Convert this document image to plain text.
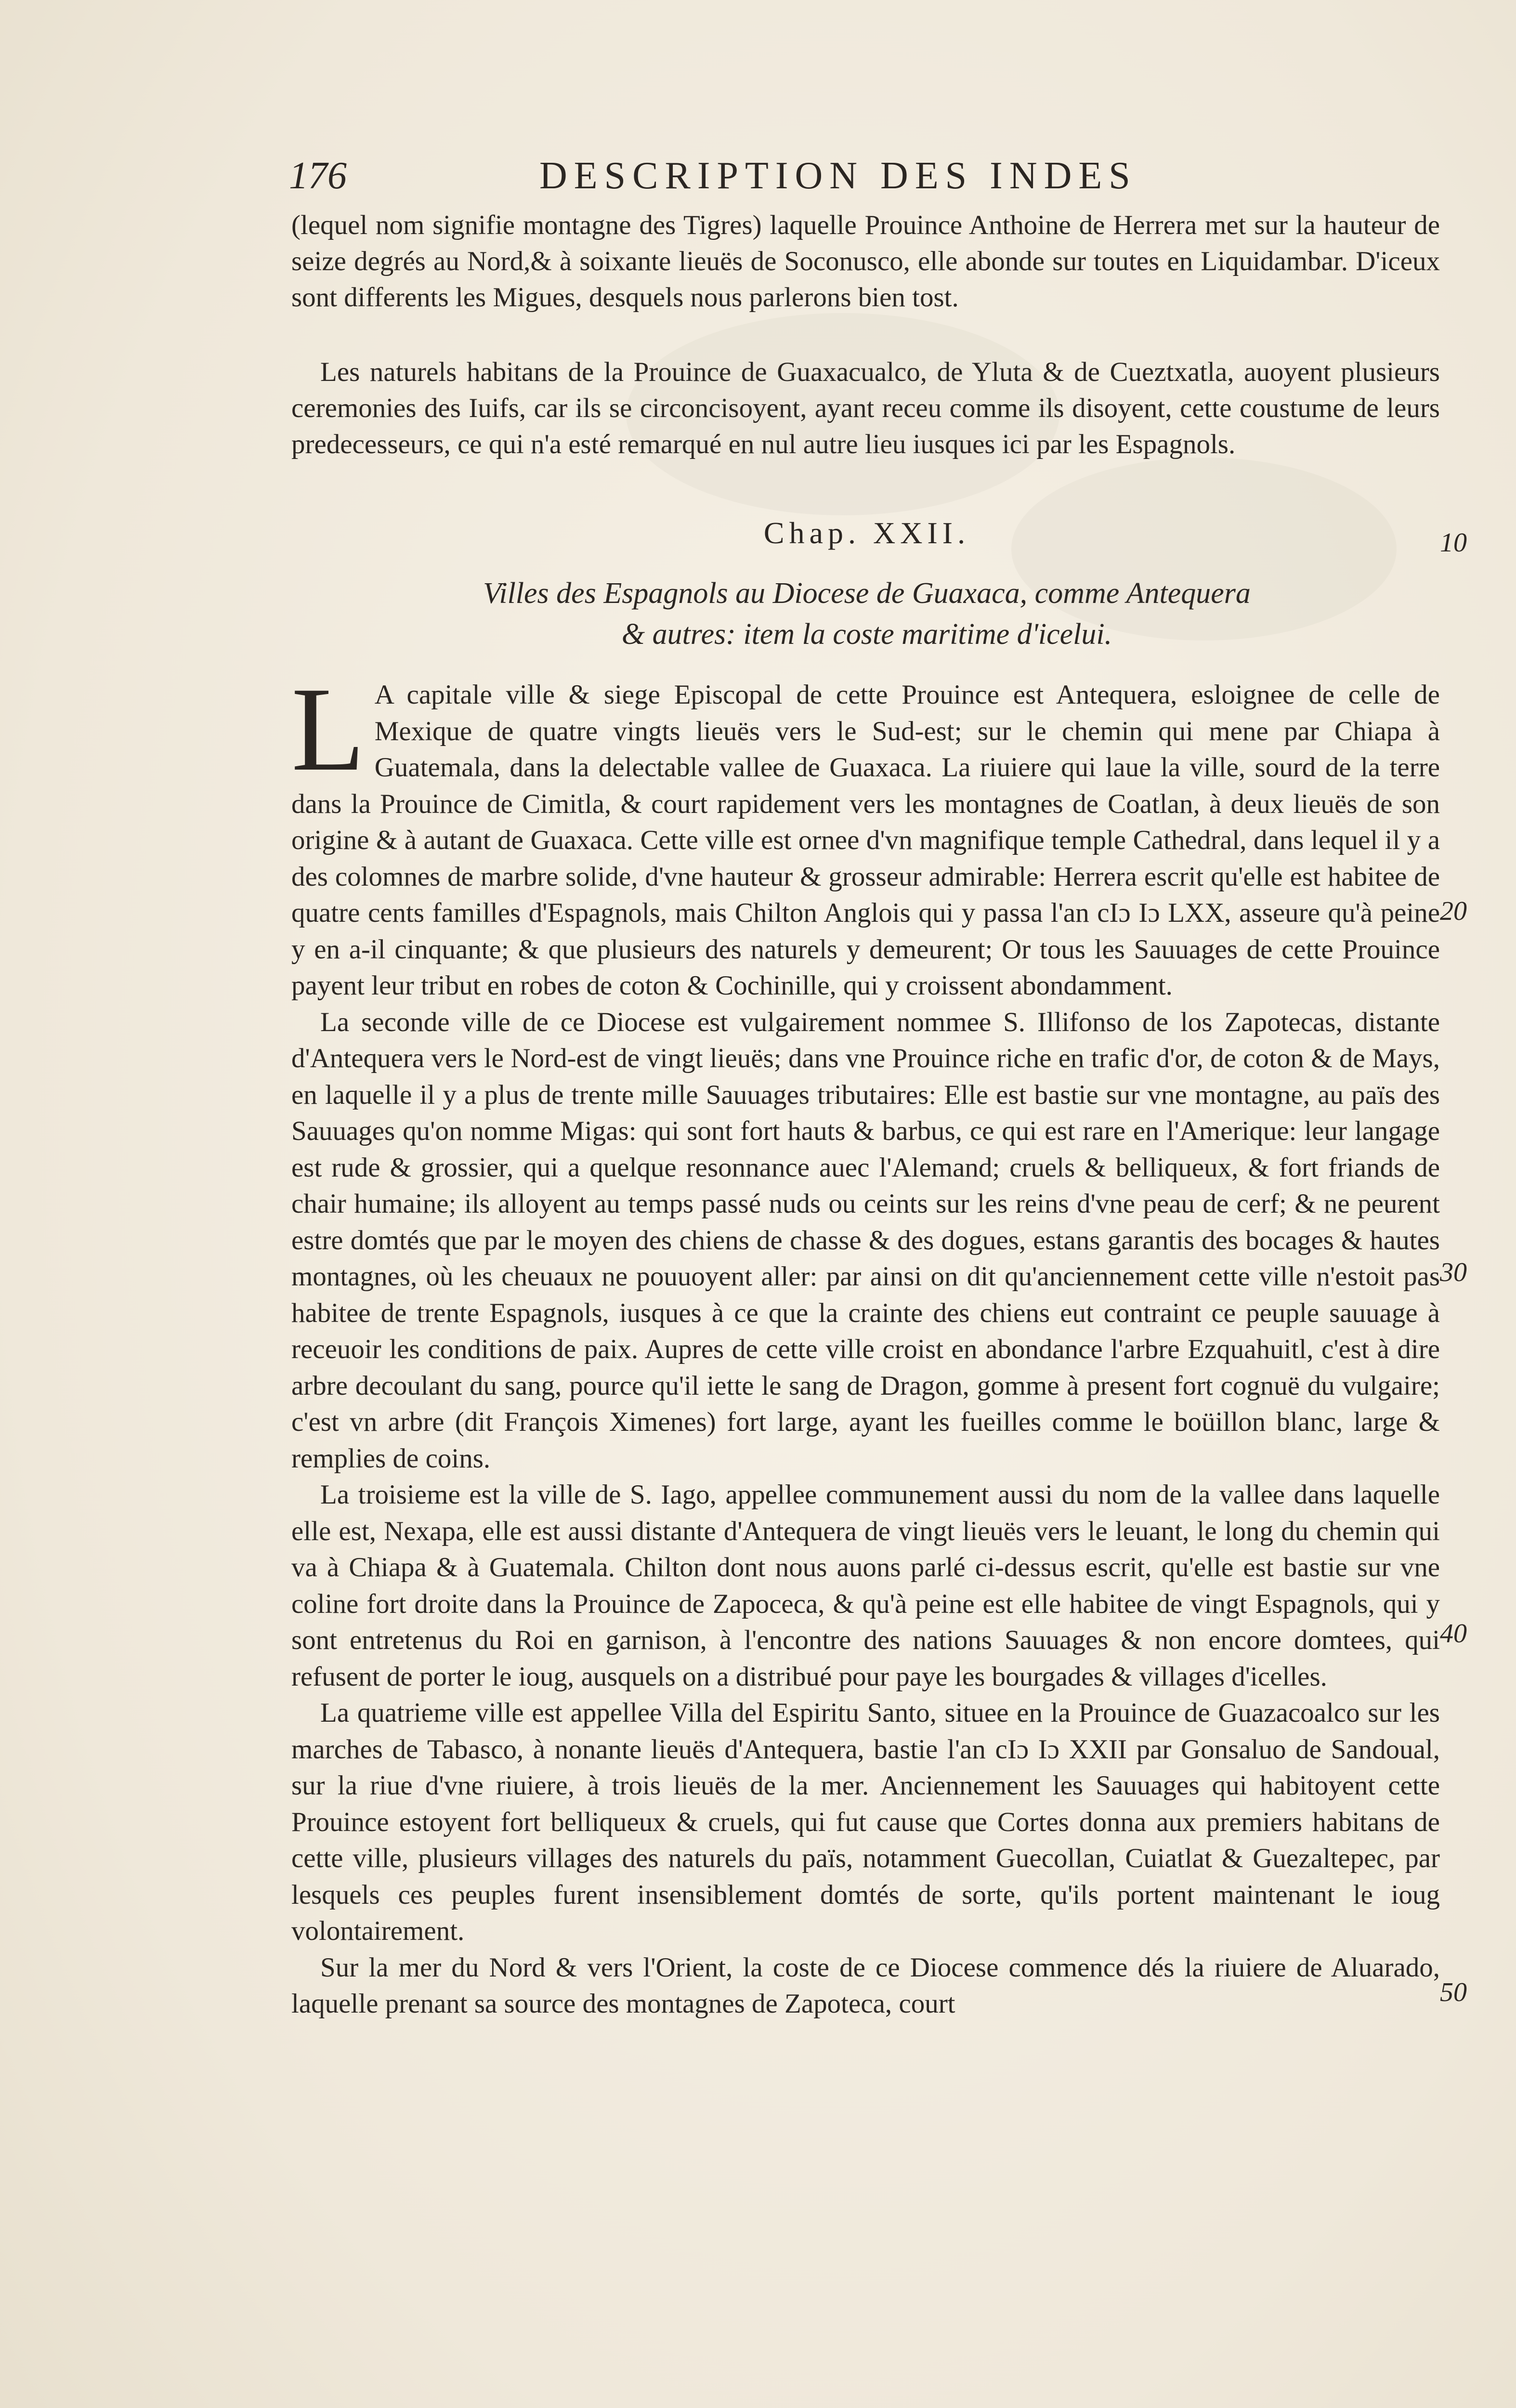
176	DESCRIPTION DES INDES
(lequel nom signifie montagne des Tigres) laquelle Prouince Anthoine de Herrera met sur la hauteur de seize degrés au Nord,& à soixante lieuës de Soconusco, elle abonde sur toutes en Liquidambar. D'iceux sont differents les Migues, desquels nous parlerons bien tost.
Les naturels habitans de la Prouince de Guaxacualco, de Yluta & de Cueztxatla, auoyent plusieurs ceremonies des Iuifs, car ils se circoncisoyent, ayant receu comme ils disoyent, cette coustume de leurs predecesseurs, ce qui n'a esté remarqué en nul autre lieu iusques ici par les Espagnols.
Chap. XXII.
Villes des Espagnols au Diocese de Guaxaca, comme Antequera
& autres: item la coste maritime d'icelui.

L A capitale ville & siege Episcopal de cette Prouince est Antequera, esloignee de celle de Mexique de quatre vingts lieuës vers le Sud-est; sur le chemin qui mene par Chiapa à Guatemala, dans la delectable vallee de Guaxaca. La riuiere qui laue la ville, sourd de la terre dans la Prouince de Cimitla, & court rapidement vers les montagnes de Coatlan, à deux lieuës de son origine & à autant de Guaxaca. Cette ville est ornee d'vn magnifique temple Cathedral, dans lequel il y a des colomnes de marbre solide, d'vne hauteur & grosseur admirable: Herrera escrit qu'elle est habitee de quatre cents familles d'Espagnols, mais Chilton Anglois qui y passa l'an cIɔ Iɔ LXX, asseure qu'à peine y en a-il cinquante; & que plusieurs des naturels y demeurent; Or tous les Sauuages de cette Prouince payent leur tribut en robes de coton & Cochinille, qui y croissent abondamment.

La seconde ville de ce Diocese est vulgairement nommee S. Illifonso de los Zapotecas, distante d'Antequera vers le Nord-est de vingt lieuës; dans vne Prouince riche en trafic d'or, de coton & de Mays, en laquelle il y a plus de trente mille Sauuages tributaires: Elle est bastie sur vne montagne, au païs des Sauuages qu'on nomme Migas: qui sont fort hauts & barbus, ce qui est rare en l'Amerique: leur langage est rude & grossier, qui a quelque resonnance auec l'Alemand; cruels & belliqueux, & fort friands de chair humaine; ils alloyent au temps passé nuds ou ceints sur les reins d'vne peau de cerf; & ne peurent estre domtés que par le moyen des chiens de chasse & des dogues, estans garantis des bocages & hautes montagnes, où les cheuaux ne pouuoyent aller: par ainsi on dit qu'anciennement cette ville n'estoit pas habitee de trente Espagnols, iusques à ce que la crainte des chiens eut contraint ce peuple sauuage à receuoir les conditions de paix. Aupres de cette ville croist en abondance l'arbre Ezquahuitl, c'est à dire arbre decoulant du sang, pource qu'il iette le sang de Dragon, gomme à present fort cognuë du vulgaire; c'est vn arbre (dit François Ximenes) fort large, ayant les fueilles comme le boüillon blanc, large & remplies de coins.

La troisieme est la ville de S. Iago, appellee communement aussi du nom de la vallee dans laquelle elle est, Nexapa, elle est aussi distante d'Antequera de vingt lieuës vers le leuant, le long du chemin qui va à Chiapa & à Guatemala. Chilton dont nous auons parlé ci-dessus escrit, qu'elle est bastie sur vne coline fort droite dans la Prouince de Zapoceca, & qu'à peine est elle habitee de vingt Espagnols, qui y sont entretenus du Roi en garnison, à l'encontre des nations Sauuages & non encore domtees, qui refusent de porter le ioug, ausquels on a distribué pour paye les bourgades & villages d'icelles.

La quatrieme ville est appellee Villa del Espiritu Santo, situee en la Prouince de Guazacoalco sur les marches de Tabasco, à nonante lieuës d'Antequera, bastie l'an cIɔ Iɔ XXII par Gonsaluo de Sandoual, sur la riue d'vne riuiere, à trois lieuës de la mer. Anciennement les Sauuages qui habitoyent cette Prouince estoyent fort belliqueux & cruels, qui fut cause que Cortes donna aux premiers habitans de cette ville, plusieurs villages des naturels du païs, notamment Guecollan, Cuiatlat & Guezaltepec, par lesquels ces peuples furent insensiblement domtés de sorte, qu'ils portent maintenant le ioug volontairement.

Sur la mer du Nord & vers l'Orient, la coste de ce Diocese commence dés la riuiere de Aluarado, laquelle prenant sa source des montagnes de Zapoteca, court

10
20
30
40
50
